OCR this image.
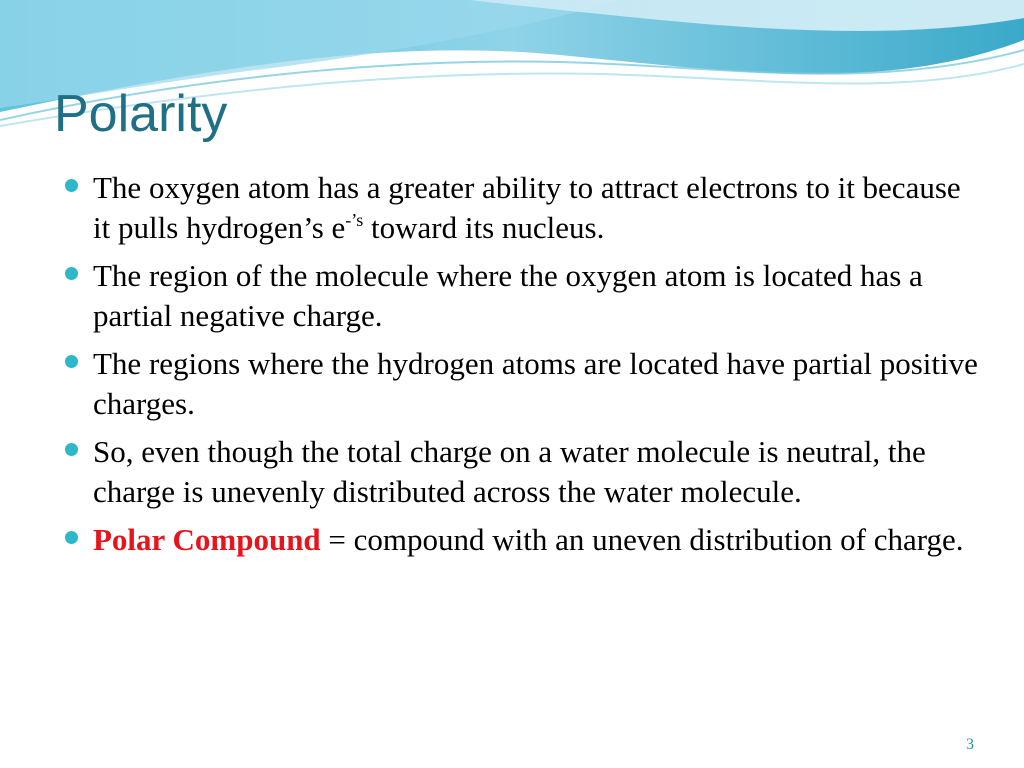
Polarity
The oxygen atom has a greater ability to attract electrons to it because it pulls hydrogen’s $e^{-’s}$ toward its nucleus.
The region of the molecule where the oxygen atom is located has a partial negative charge.
The regions where the hydrogen atoms are located have partial positive charges.
So, even though the total charge on a water molecule is neutral, the charge is unevenly distributed across the water molecule.
Polar Compound = compound with an uneven distribution of charge.
3
